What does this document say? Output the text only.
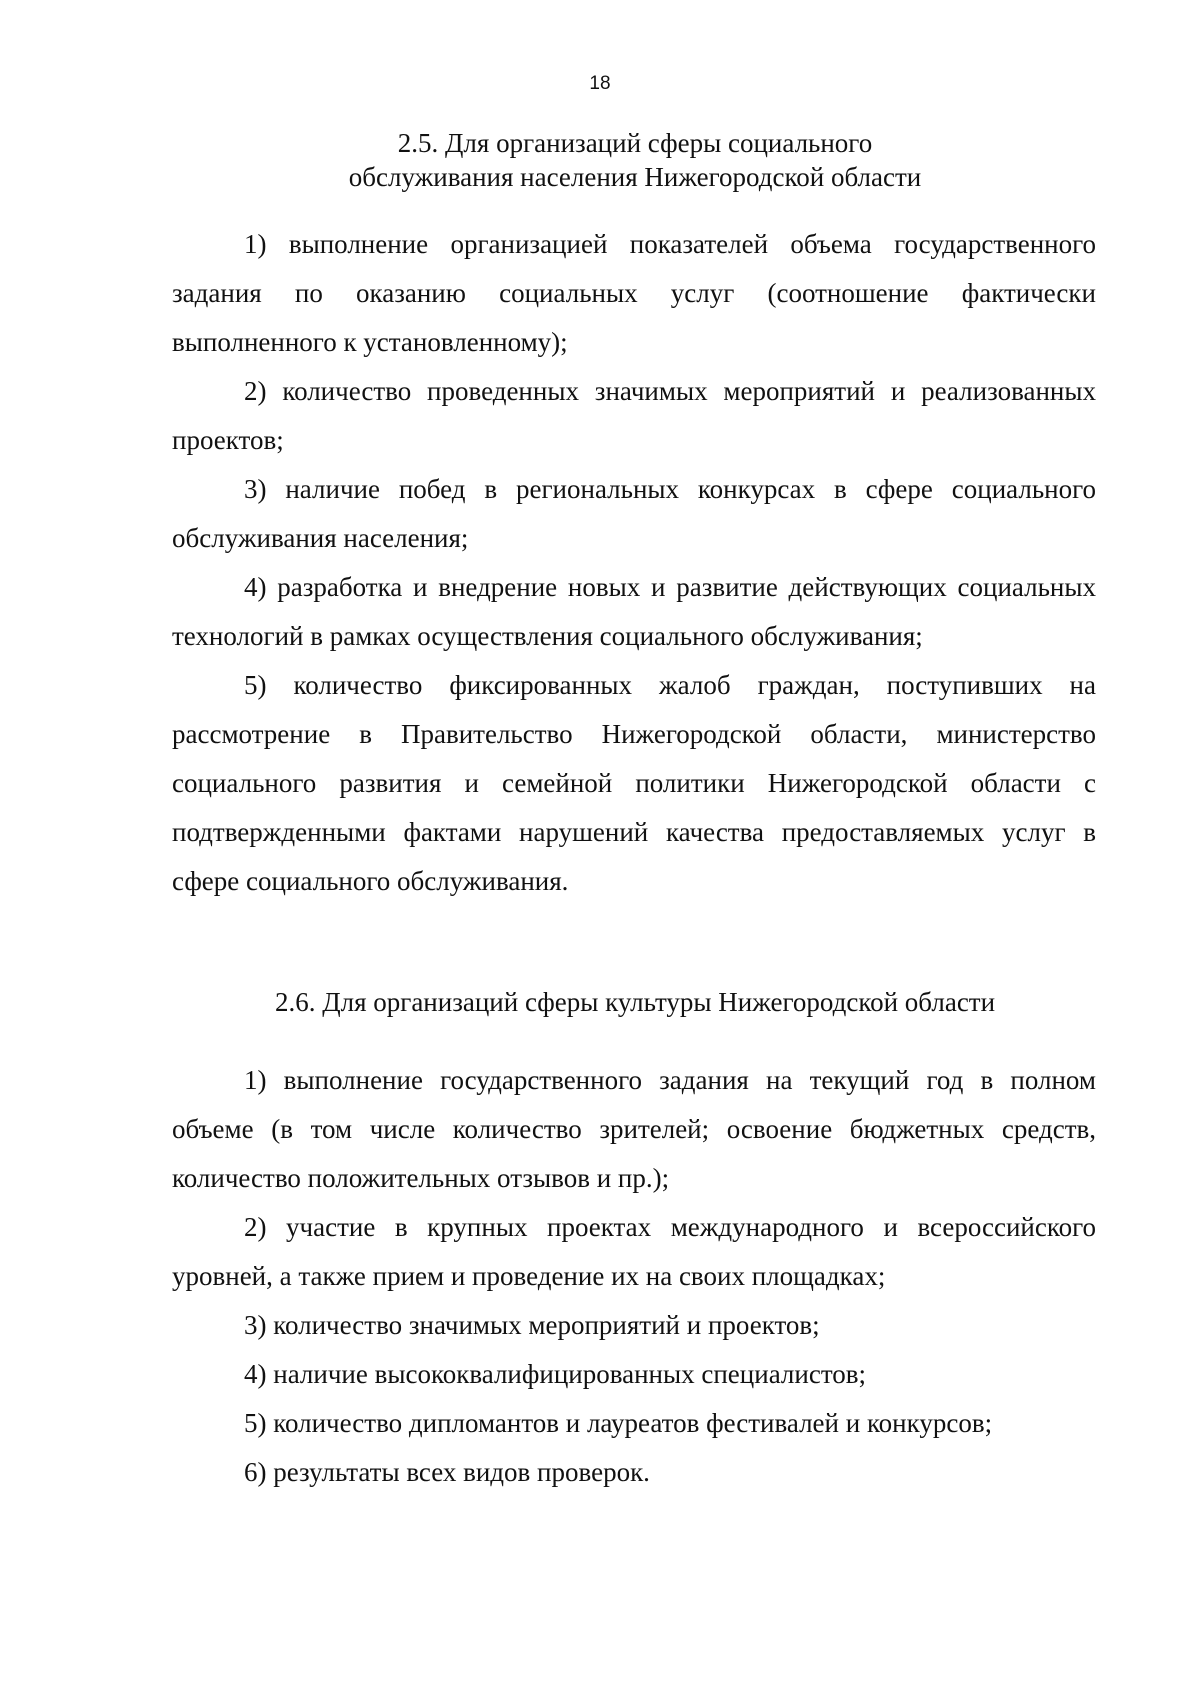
18
2.5. Для организаций сферы социального
обслуживания населения Нижегородской области

1) выполнение организацией показателей объема государственного задания по оказанию социальных услуг (соотношение фактически выполненного к установленному);

2) количество проведенных значимых мероприятий и реализованных проектов;

3) наличие побед в региональных конкурсах в сфере социального обслуживания населения;

4) разработка и внедрение новых и развитие действующих социальных технологий в рамках осуществления социального обслуживания;

5) количество фиксированных жалоб граждан, поступивших на рассмотрение в Правительство Нижегородской области, министерство социального развития и семейной политики Нижегородской области с подтвержденными фактами нарушений качества предоставляемых услуг в сфере социального обслуживания.

2.6. Для организаций сферы культуры Нижегородской области

1) выполнение государственного задания на текущий год в полном объеме (в том числе количество зрителей; освоение бюджетных средств, количество положительных отзывов и пр.);

2) участие в крупных проектах международного и всероссийского уровней, а также прием и проведение их на своих площадках;

3) количество значимых мероприятий и проектов;

4) наличие высококвалифицированных специалистов;

5) количество дипломантов и лауреатов фестивалей и конкурсов;

6) результаты всех видов проверок.
